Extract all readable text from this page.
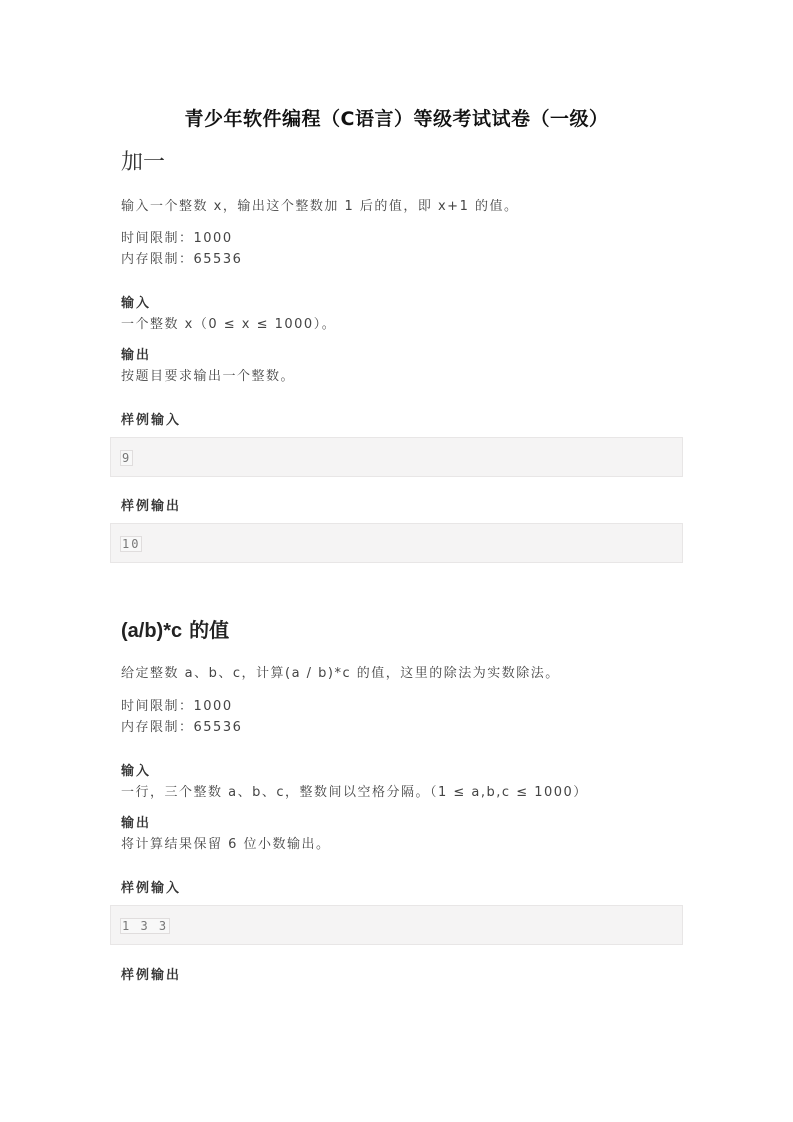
青少年软件编程（C语言）等级考试试卷（一级）
加一

输入一个整数 x，输出这个整数加 1 后的值，即 x+1 的值。

时间限制：1000

内存限制：65536

输入

一个整数 x（0 ≤ x ≤ 1000）。

输出

按题目要求输出一个整数。

样例输入

9

样例输出

10
(a/b)*c 的值

给定整数 a、b、c，计算(a / b)*c 的值，这里的除法为实数除法。

时间限制：1000

内存限制：65536

输入

一行，三个整数 a、b、c，整数间以空格分隔。（1 ≤ a,b,c ≤ 1000）

输出

将计算结果保留 6 位小数输出。

样例输入

1 3 3

样例输出
